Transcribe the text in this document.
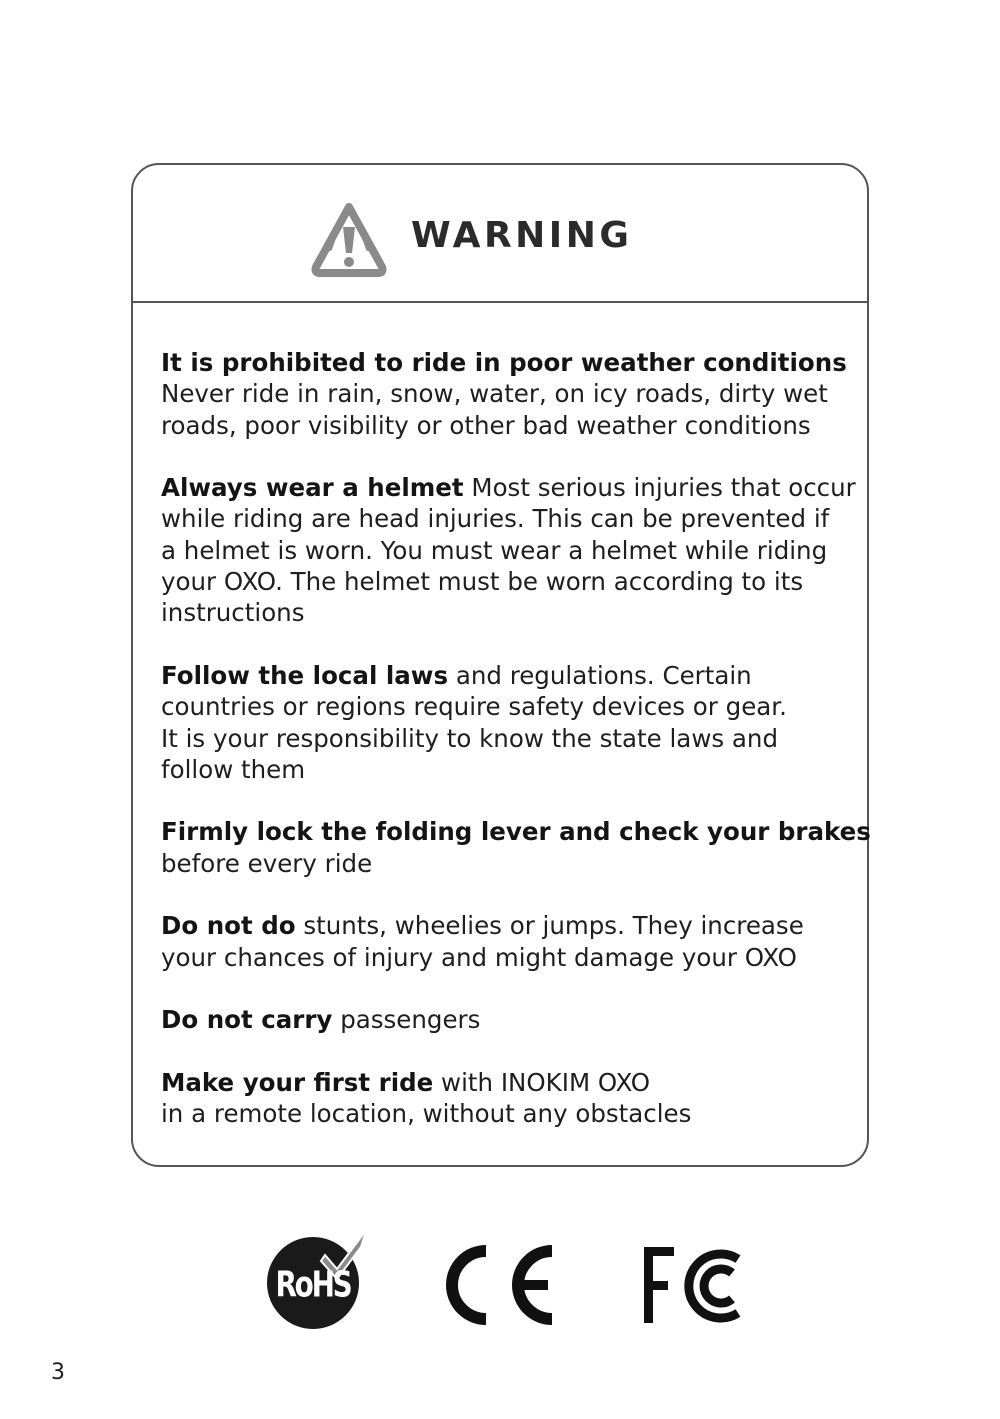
WARNING
It is prohibited to ride in poor weather conditions
Never ride in rain, snow, water, on icy roads, dirty wet
roads, poor visibility or other bad weather conditions
Always wear a helmet Most serious injuries that occur
while riding are head injuries. This can be prevented if
a helmet is worn. You must wear a helmet while riding
your OXO. The helmet must be worn according to its
instructions
Follow the local laws and regulations. Certain
countries or regions require safety devices or gear.
It is your responsibility to know the state laws and
follow them
Firmly lock the folding lever and check your brakes
before every ride
Do not do stunts, wheelies or jumps. They increase
your chances of injury and might damage your OXO
Do not carry passengers
Make your first ride with INOKIM OXO
in a remote location, without any obstacles
RoHS
3
